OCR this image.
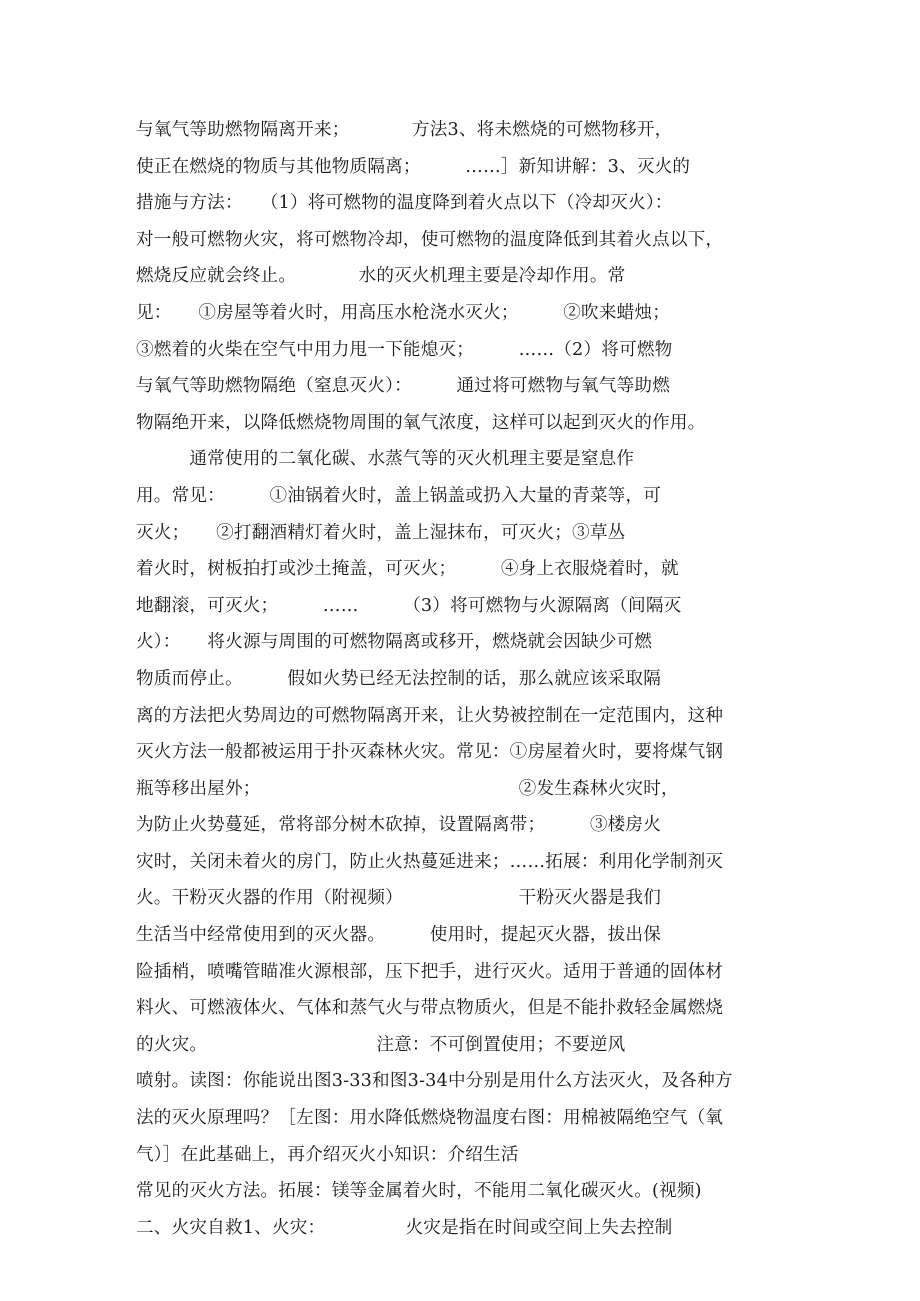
与氧气等助燃物隔离开来；　　　　方法3、将未燃烧的可燃物移开，
使正在燃烧的物质与其他物质隔离；　　　……］新知讲解：3、灭火的
措施与方法：　　（1）将可燃物的温度降到着火点以下（冷却灭火）：
对一般可燃物火灾，将可燃物冷却，使可燃物的温度降低到其着火点以下，
燃烧反应就会终止。　　　　水的灭火机理主要是冷却作用。常
见：　　①房屋等着火时，用高压水枪浇水灭火；　　　②吹来蜡烛；
③燃着的火柴在空气中用力甩一下能熄灭；　　　……（2）将可燃物
与氧气等助燃物隔绝（窒息灭火）：　　　通过将可燃物与氧气等助燃
物隔绝开来，以降低燃烧物周围的氧气浓度，这样可以起到灭火的作用。
　　　通常使用的二氧化碳、水蒸气等的灭火机理主要是窒息作
用。常见：　　　①油锅着火时，盖上锅盖或扔入大量的青菜等，可
灭火；　　②打翻酒精灯着火时，盖上湿抹布，可灭火；③草丛
着火时，树板拍打或沙土掩盖，可灭火；　　　④身上衣服烧着时，就
地翻滚，可灭火；　　　……　　　（3）将可燃物与火源隔离（间隔灭
火）：　　将火源与周围的可燃物隔离或移开，燃烧就会因缺少可燃
物质而停止。　　　假如火势已经无法控制的话，那么就应该采取隔
离的方法把火势周边的可燃物隔离开来，让火势被控制在一定范围内，这种
灭火方法一般都被运用于扑灭森林火灾。常见：①房屋着火时，要将煤气钢
瓶等移出屋外；　　　　　　　　　　　　　　　②发生森林火灾时，
为防止火势蔓延，常将部分树木砍掉，设置隔离带；　　　③楼房火
灾时，关闭未着火的房门，防止火热蔓延进来；……拓展：利用化学制剂灭
火。干粉灭火器的作用（附视频）　　　　　　　干粉灭火器是我们
生活当中经常使用到的灭火器。　　　使用时，提起灭火器，拔出保
险插梢，喷嘴管瞄准火源根部，压下把手，进行灭火。适用于普通的固体材
料火、可燃液体火、气体和蒸气火与带点物质火，但是不能扑救轻金属燃烧
的火灾。　　　　　　　　　　注意：不可倒置使用；不要逆风
喷射。读图：你能说出图3-33和图3-34中分别是用什么方法灭火，及各种方
法的灭火原理吗？［左图：用水降低燃烧物温度右图：用棉被隔绝空气（氧
气）］在此基础上，再介绍灭火小知识：介绍生活
常见的灭火方法。拓展：镁等金属着火时，不能用二氧化碳灭火。(视频)
二、火灾自救1、火灾：　　　　　火灾是指在时间或空间上失去控制
